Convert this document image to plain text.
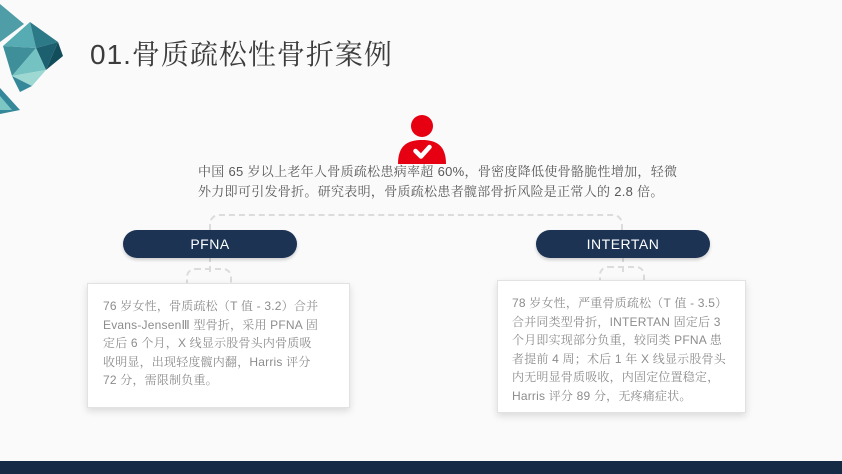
01.骨质疏松性骨折案例
中国 65 岁以上老年人骨质疏松患病率超 60%，骨密度降低使骨骼脆性增加，轻微
外力即可引发骨折。研究表明，骨质疏松患者髋部骨折风险是正常人的 2.8 倍。
PFNA	INTERTAN
76 岁女性，骨质疏松（T 值 - 3.2）合并
Evans-JensenⅢ 型骨折，采用 PFNA 固
定后 6 个月，X 线显示股骨头内骨质吸
收明显，出现轻度髋内翻，Harris 评分
72 分，需限制负重。
78 岁女性，严重骨质疏松（T 值 - 3.5）
合并同类型骨折，INTERTAN 固定后 3
个月即实现部分负重，较同类 PFNA 患
者提前 4 周；术后 1 年 X 线显示股骨头
内无明显骨质吸收，内固定位置稳定，
Harris 评分 89 分，无疼痛症状。
